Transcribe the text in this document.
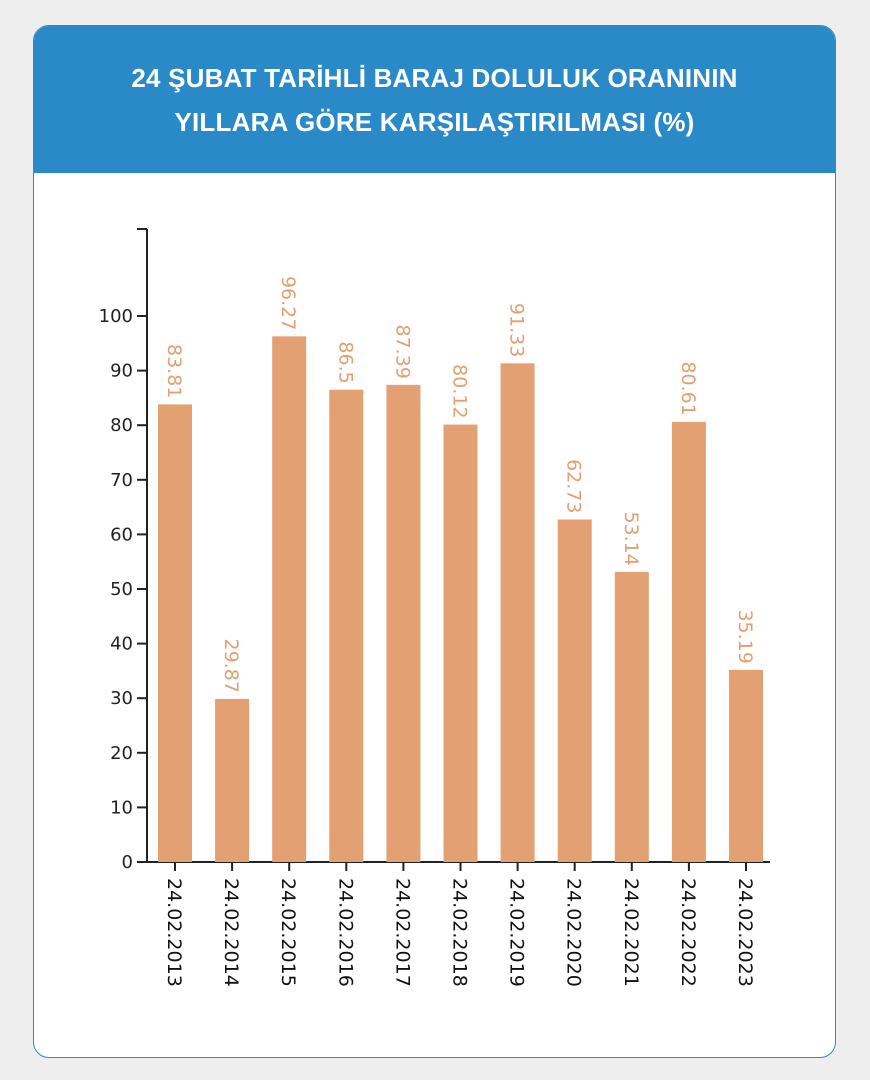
24 ŞUBAT TARİHLİ BARAJ DOLULUK ORANININ
YILLARA GÖRE KARŞILAŞTIRILMASI (%)
0
10
20
30
40
50
60
70
80
90
100
83.81
24.02.2013
29.87
24.02.2014
96.27
24.02.2015
86.5
24.02.2016
87.39
24.02.2017
80.12
24.02.2018
91.33
24.02.2019
62.73
24.02.2020
53.14
24.02.2021
80.61
24.02.2022
35.19
24.02.2023
